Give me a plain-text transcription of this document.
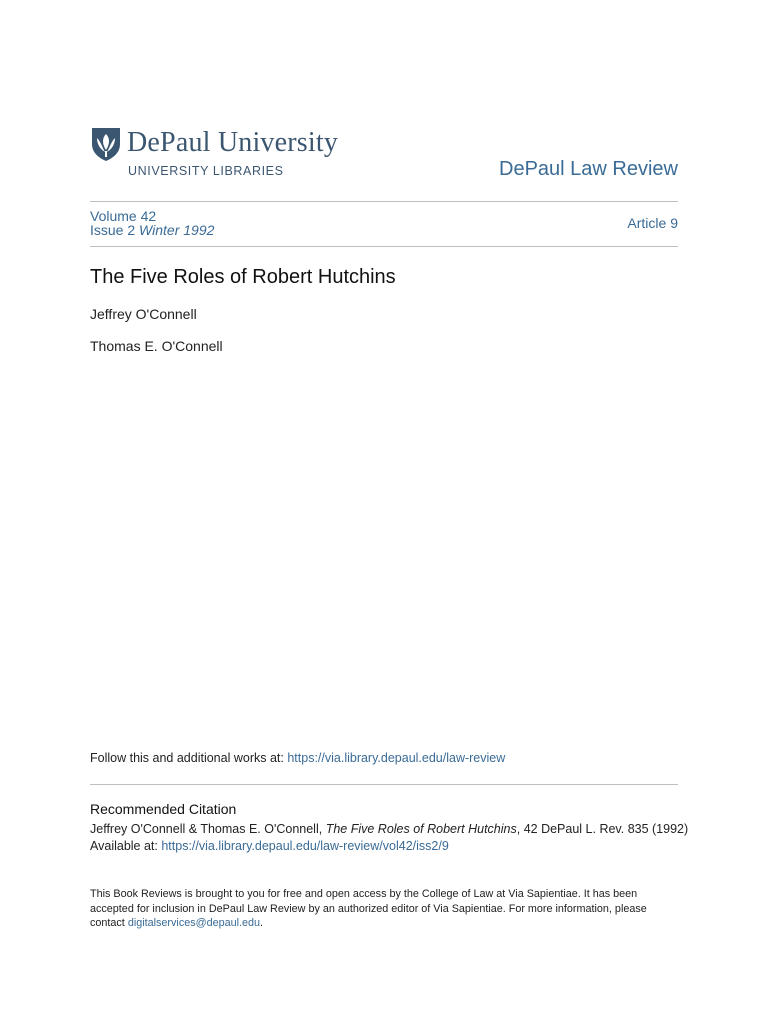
DePaul University
UNIVERSITY LIBRARIES	DePaul Law Review
Volume 42
Issue 2 Winter 1992	Article 9
The Five Roles of Robert Hutchins
Jeffrey O'Connell
Thomas E. O'Connell
Follow this and additional works at: https://via.library.depaul.edu/law-review
Recommended Citation
Jeffrey O'Connell & Thomas E. O'Connell, The Five Roles of Robert Hutchins, 42 DePaul L. Rev. 835 (1992)
Available at: https://via.library.depaul.edu/law-review/vol42/iss2/9
This Book Reviews is brought to you for free and open access by the College of Law at Via Sapientiae. It has been accepted for inclusion in DePaul Law Review by an authorized editor of Via Sapientiae. For more information, please contact digitalservices@depaul.edu.
